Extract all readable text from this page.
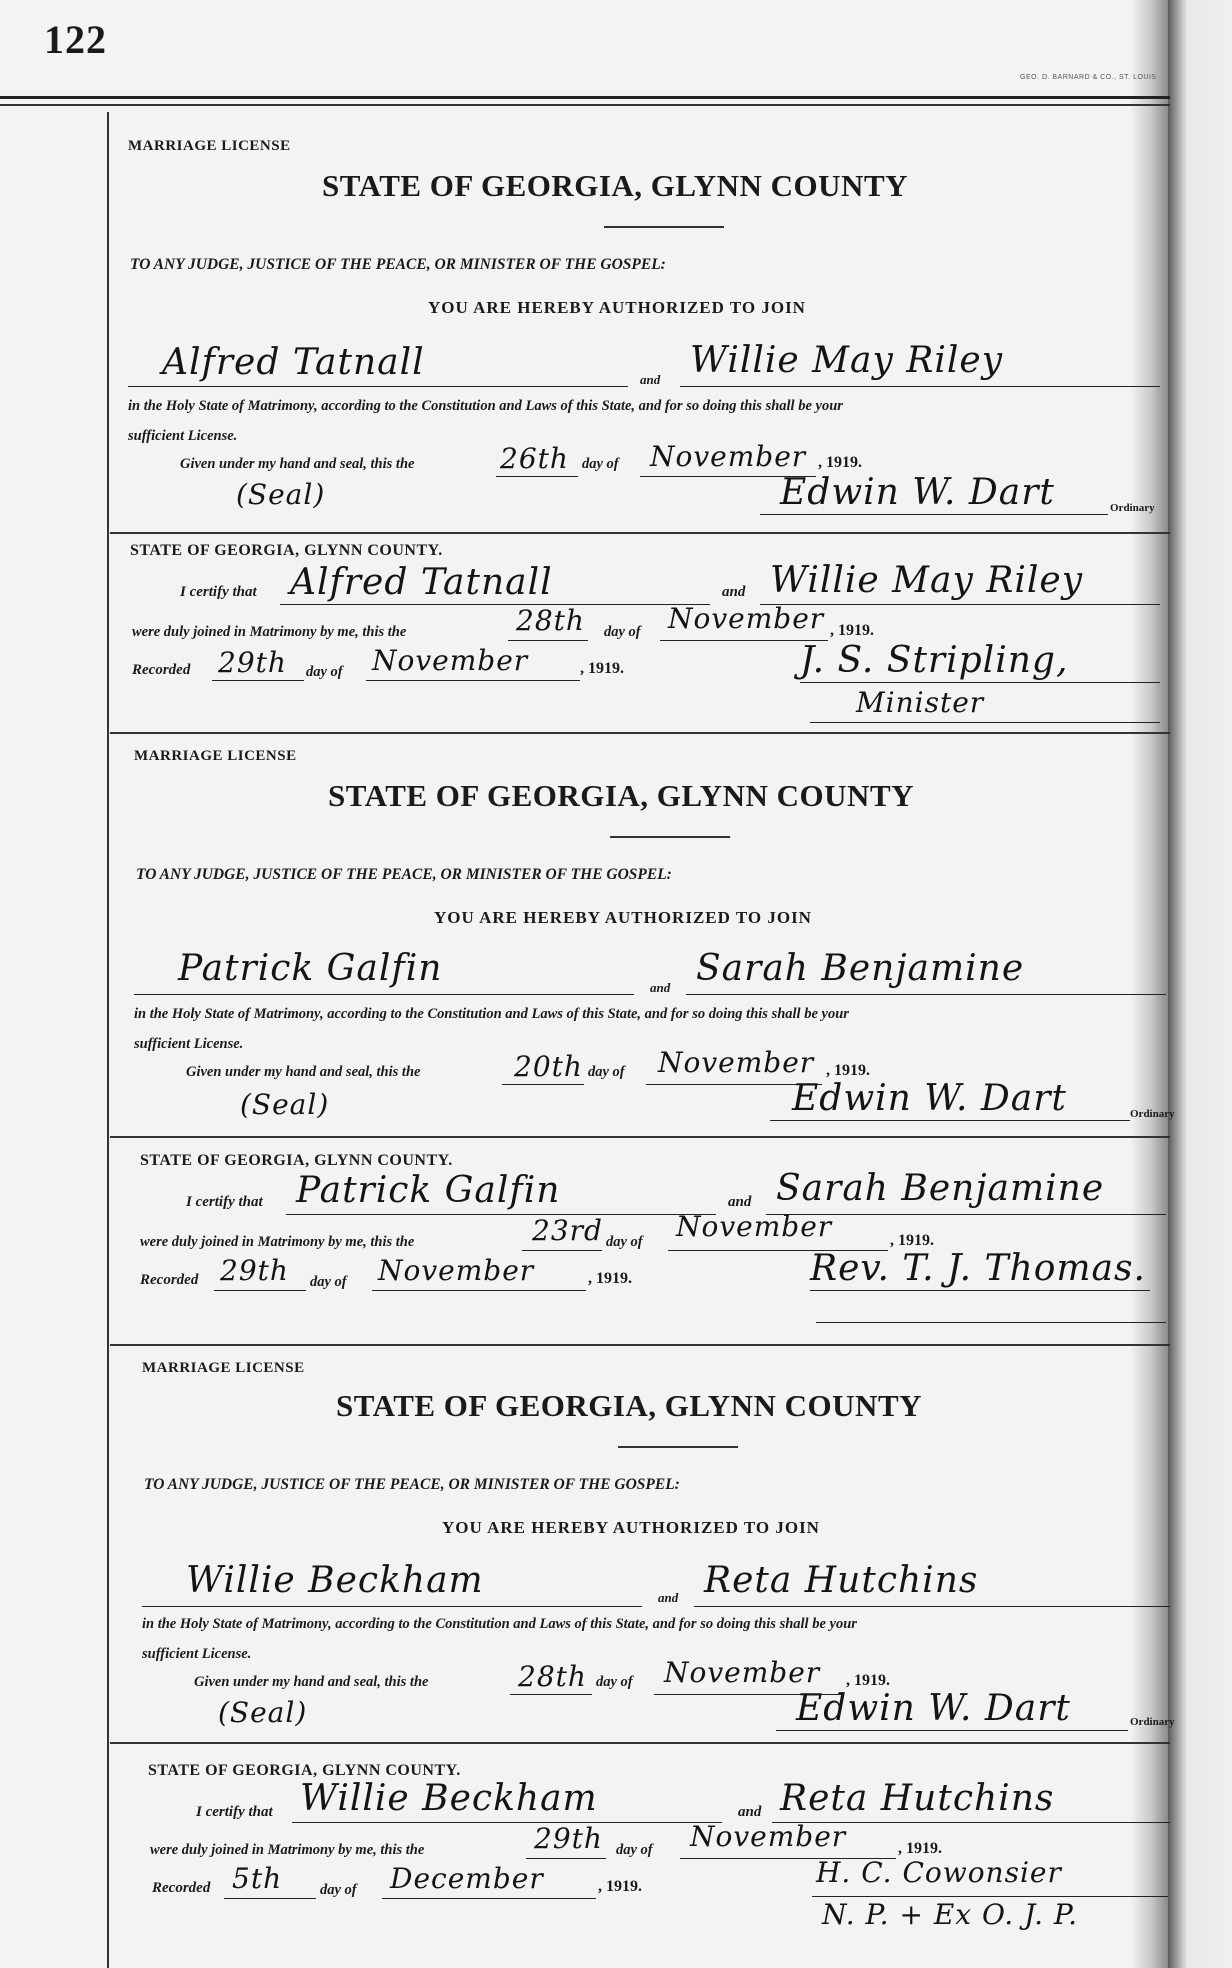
122
GEO. D. BARNARD & CO., ST. LOUIS
MARRIAGE LICENSE
STATE OF GEORGIA, GLYNN COUNTY
TO ANY JUDGE, JUSTICE OF THE PEACE, OR MINISTER OF THE GOSPEL:
YOU ARE HEREBY AUTHORIZED TO JOIN
Alfred Tatnall	and Willie May Riley
in the Holy State of Matrimony, according to the Constitution and Laws of this State, and for so doing this shall be your
sufficient License.
Given under my hand and seal, this the	26th day of November , 1919.
(Seal)	Edwin W. Dart	Ordinary
STATE OF GEORGIA, GLYNN COUNTY.
I certify that Alfred Tatnall	and Willie May Riley
were duly joined in Matrimony by me, this the	28th day of November , 1919.
Recorded 29th day of November	, 1919.	J. S. Stripling,
Minister
MARRIAGE LICENSE
STATE OF GEORGIA, GLYNN COUNTY
TO ANY JUDGE, JUSTICE OF THE PEACE, OR MINISTER OF THE GOSPEL:
YOU ARE HEREBY AUTHORIZED TO JOIN
Patrick Galfin	and Sarah Benjamine
in the Holy State of Matrimony, according to the Constitution and Laws of this State, and for so doing this shall be your
sufficient License.
Given under my hand and seal, this the	20th day of November , 1919.
(Seal)	Edwin W. Dart	Ordinary
STATE OF GEORGIA, GLYNN COUNTY.
I certify that Patrick Galfin	and Sarah Benjamine
were duly joined in Matrimony by me, this the	23rd day of November	, 1919.
Recorded 29th day of November	, 1919.	Rev. T. J. Thomas.
MARRIAGE LICENSE
STATE OF GEORGIA, GLYNN COUNTY
TO ANY JUDGE, JUSTICE OF THE PEACE, OR MINISTER OF THE GOSPEL:
YOU ARE HEREBY AUTHORIZED TO JOIN
Willie Beckham	and Reta Hutchins
in the Holy State of Matrimony, according to the Constitution and Laws of this State, and for so doing this shall be your
sufficient License.
Given under my hand and seal, this the	28th day of November , 1919.
(Seal)	Edwin W. Dart	Ordinary
STATE OF GEORGIA, GLYNN COUNTY.
I certify that Willie Beckham	and Reta Hutchins
were duly joined in Matrimony by me, this the	29th day of November	, 1919.
Recorded 5th	day of December	, 1919.	H. C. Cowonsier
N. P. + Ex O. J. P.
